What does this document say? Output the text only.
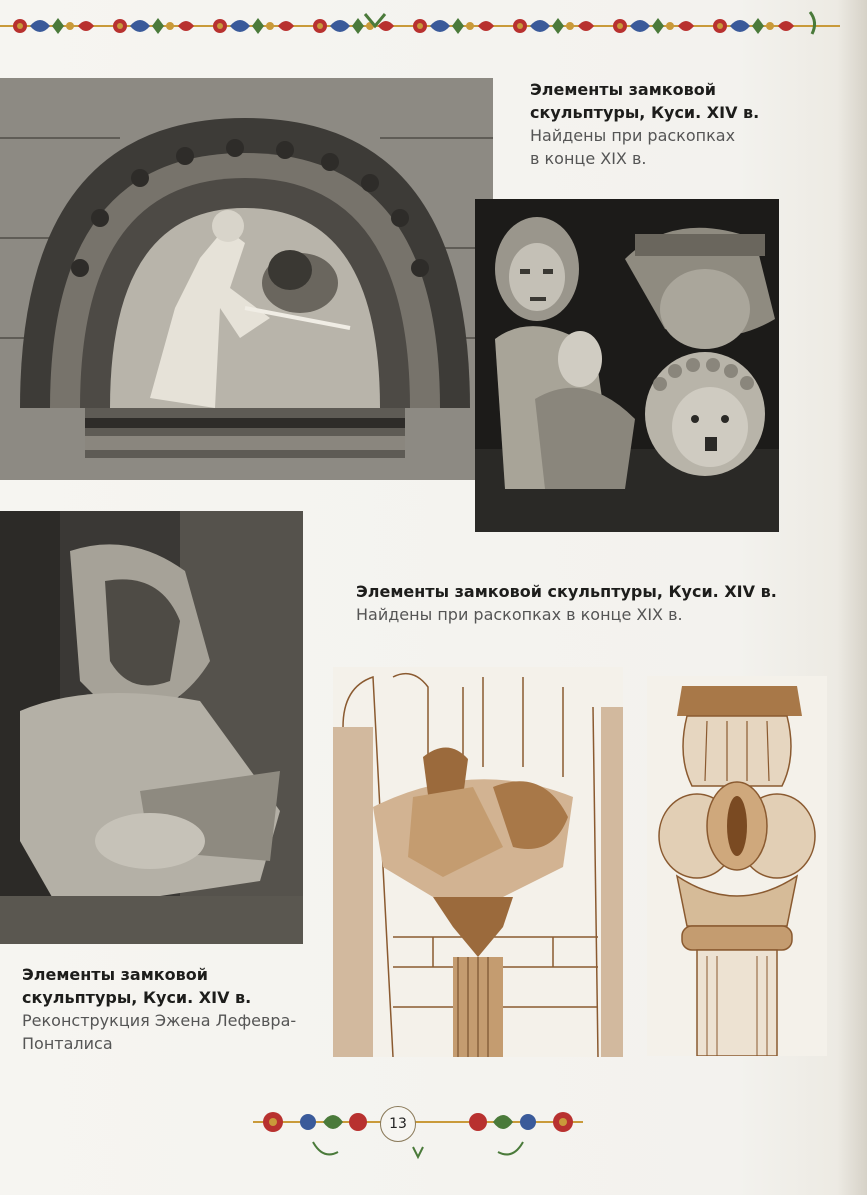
Элементы замковой
скульптуры, Куси. XIV в.
Найдены при раскопках
в конце XIX в.
Элементы замковой скульптуры, Куси. XIV в.
Найдены при раскопках в конце XIX в.
Элементы замковой
скульптуры, Куси. XIV в.
Реконструкция Эжена Лефевра-
Понталиса
13
